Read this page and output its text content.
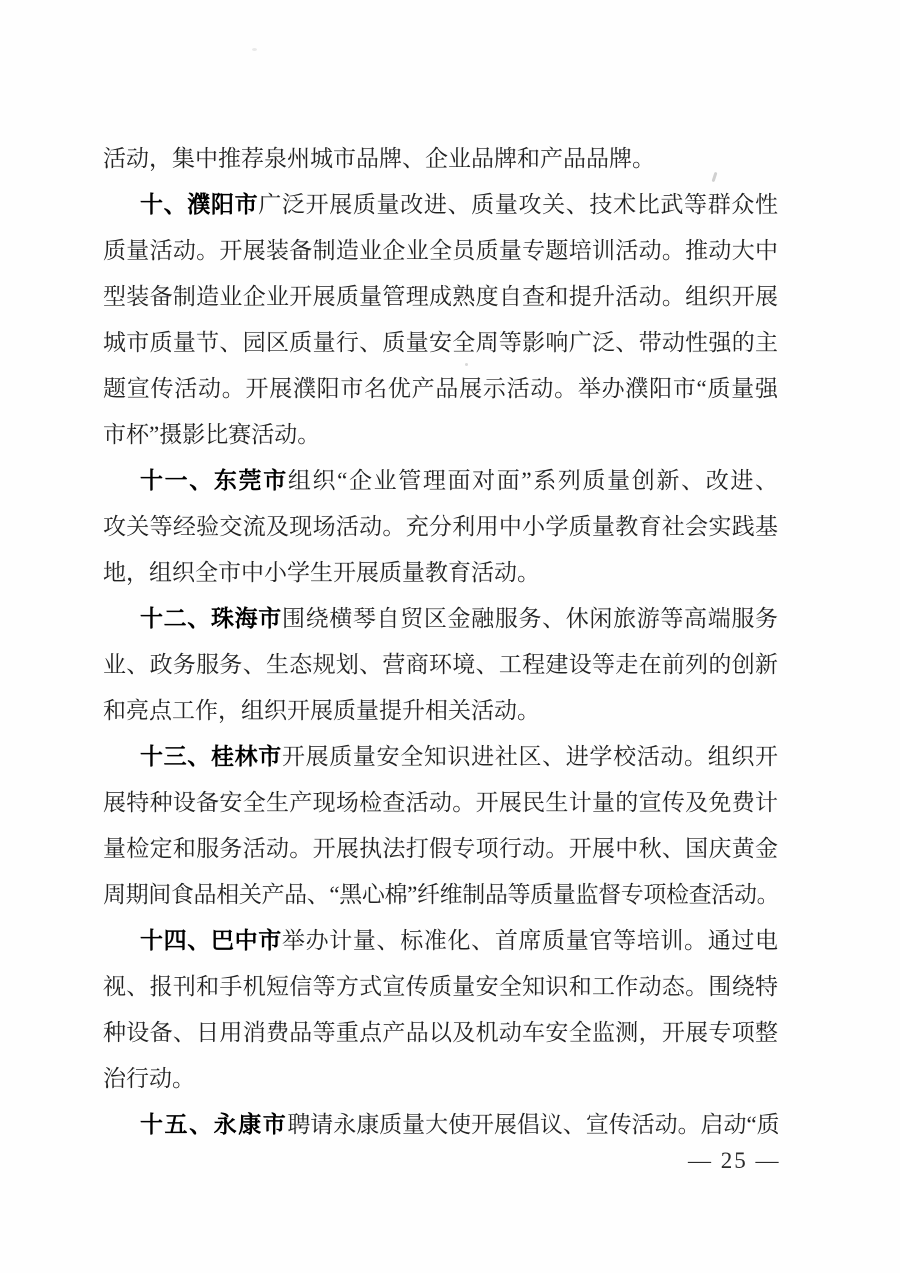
活动，集中推荐泉州城市品牌、企业品牌和产品品牌。
十、濮阳市广泛开展质量改进、质量攻关、技术比武等群众性
质量活动。开展装备制造业企业全员质量专题培训活动。推动大中
型装备制造业企业开展质量管理成熟度自查和提升活动。组织开展
城市质量节、园区质量行、质量安全周等影响广泛、带动性强的主
题宣传活动。开展濮阳市名优产品展示活动。举办濮阳市“质量强
市杯”摄影比赛活动。
十一、东莞市组织“企业管理面对面”系列质量创新、改进、
攻关等经验交流及现场活动。充分利用中小学质量教育社会实践基
地，组织全市中小学生开展质量教育活动。
十二、珠海市围绕横琴自贸区金融服务、休闲旅游等高端服务
业、政务服务、生态规划、营商环境、工程建设等走在前列的创新
和亮点工作，组织开展质量提升相关活动。
十三、桂林市开展质量安全知识进社区、进学校活动。组织开
展特种设备安全生产现场检查活动。开展民生计量的宣传及免费计
量检定和服务活动。开展执法打假专项行动。开展中秋、国庆黄金
周期间食品相关产品、“黑心棉”纤维制品等质量监督专项检查活动。
十四、巴中市举办计量、标准化、首席质量官等培训。通过电
视、报刊和手机短信等方式宣传质量安全知识和工作动态。围绕特
种设备、日用消费品等重点产品以及机动车安全监测，开展专项整
治行动。
十五、永康市聘请永康质量大使开展倡议、宣传活动。启动“质
— 25 —
